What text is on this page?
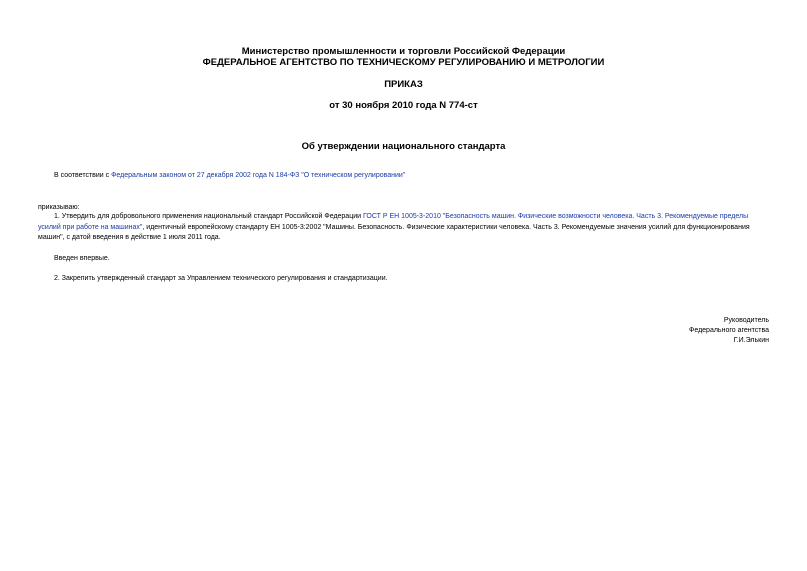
Министерство промышленности и торговли Российской Федерации
ФЕДЕРАЛЬНОЕ АГЕНТСТВО ПО ТЕХНИЧЕСКОМУ РЕГУЛИРОВАНИЮ И МЕТРОЛОГИИ
ПРИКАЗ
от 30 ноября 2010 года N 774-ст
Об утверждении национального стандарта
В соответствии с Федеральным законом от 27 декабря 2002 года N 184-ФЗ "О техническом регулировании"
приказываю:
1. Утвердить для добровольного применения национальный стандарт Российской Федерации ГОСТ Р ЕН 1005-3-2010 "Безопасность машин. Физические возможности человека. Часть 3. Рекомендуемые пределы усилий при работе на машинах", идентичный европейскому стандарту ЕН 1005-3:2002 "Машины. Безопасность. Физические характеристики человека. Часть 3. Рекомендуемые значения усилий для функционирования машин", с датой введения в действие 1 июля 2011 года.
Введен впервые.
2. Закрепить утвержденный стандарт за Управлением технического регулирования и стандартизации.
Руководитель
Федерального агентства
Г.И.Элькин
